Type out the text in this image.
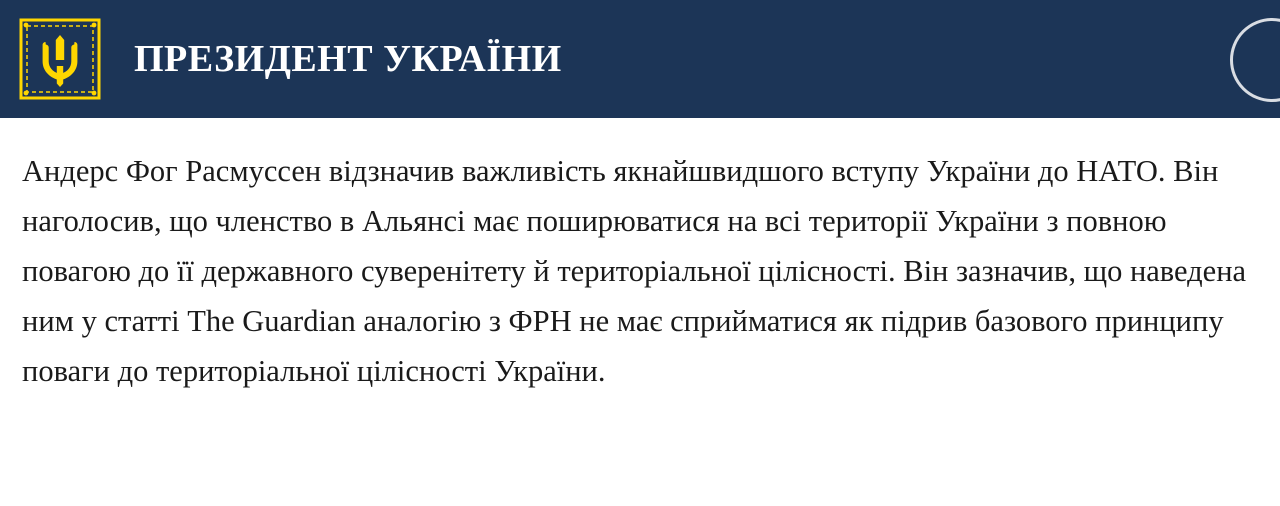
ПРЕЗИДЕНТ УКРАЇНИ

Андерс Фог Расмуссен відзначив важливість якнайшвидшого вступу України до НАТО. Він наголосив, що членство в Альянсі має поширюватися на всі території України з повною повагою до її державного суверенітету й територіальної цілісності. Він зазначив, що наведена ним у статті The Guardian аналогію з ФРН не має сприйматися як підрив базового принципу поваги до територіальної цілісності України.
